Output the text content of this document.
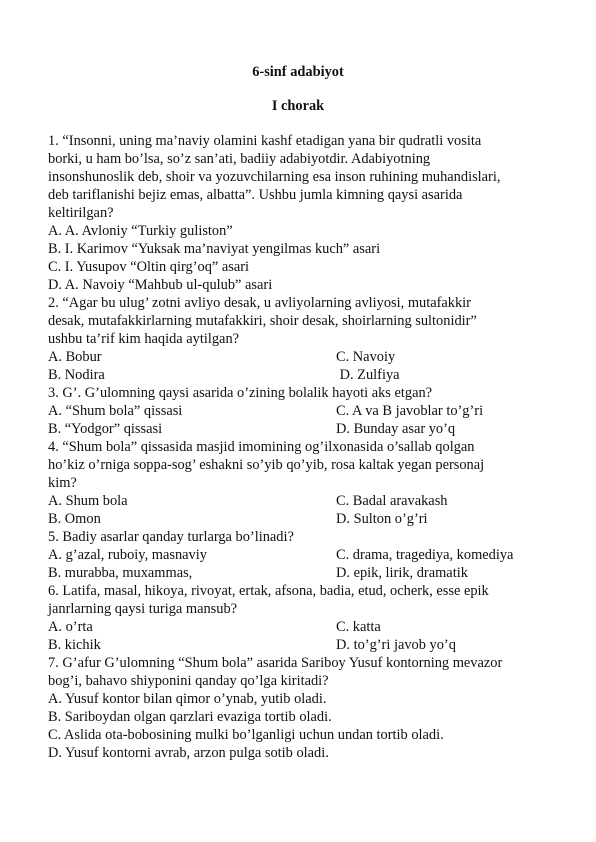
6-sinf adabiyot
I chorak
1. “Insonni, uning ma’naviy olamini kashf etadigan yana bir qudratli vosita
borki, u ham bo’lsa, so’z san’ati, badiiy adabiyotdir. Adabiyotning
insonshunoslik deb, shoir va yozuvchilarning esa inson ruhining muhandislari,
deb tariflanishi bejiz emas, albatta”. Ushbu jumla kimning qaysi asarida
keltirilgan?
A. A. Avloniy “Turkiy guliston”
B. I. Karimov “Yuksak ma’naviyat yengilmas kuch” asari
C. I. Yusupov “Oltin qirg’oq” asari
D. A. Navoiy “Mahbub ul-qulub” asari
2. “Agar bu ulug’ zotni avliyo desak, u avliyolarning avliyosi, mutafakkir
desak, mutafakkirlarning mutafakkiri, shoir desak, shoirlarning sultonidir”
ushbu ta’rif kim haqida aytilgan?
A. Bobur	C. Navoiy
B. Nodira	D. Zulfiya
3. G’. G’ulomning qaysi asarida o’zining bolalik hayoti aks etgan?
A. “Shum bola” qissasi	C. A va B javoblar to’g’ri
B. “Yodgor” qissasi	D. Bunday asar yo’q
4. “Shum bola” qissasida masjid imomining og’ilxonasida o’sallab qolgan
ho’kiz o’rniga soppa-sog’ eshakni so’yib qo’yib, rosa kaltak yegan personaj
kim?
A. Shum bola	C. Badal aravakash
B. Omon	D. Sulton o’g’ri
5. Badiy asarlar qanday turlarga bo’linadi?
A. g’azal, ruboiy, masnaviy	C. drama, tragediya, komediya
B. murabba, muxammas,	D. epik, lirik, dramatik
6. Latifa, masal, hikoya, rivoyat, ertak, afsona, badia, etud, ocherk, esse epik
janrlarning qaysi turiga mansub?
A. o’rta	C. katta
B. kichik	D. to’g’ri javob yo’q
7. G’afur G’ulomning “Shum bola” asarida Sariboy Yusuf kontorning mevazor
bog’i, bahavo shiyponini qanday qo’lga kiritadi?
A. Yusuf kontor bilan qimor o’ynab, yutib oladi.
B. Sariboydan olgan qarzlari evaziga tortib oladi.
C. Aslida ota-bobosining mulki bo’lganligi uchun undan tortib oladi.
D. Yusuf kontorni avrab, arzon pulga sotib oladi.
